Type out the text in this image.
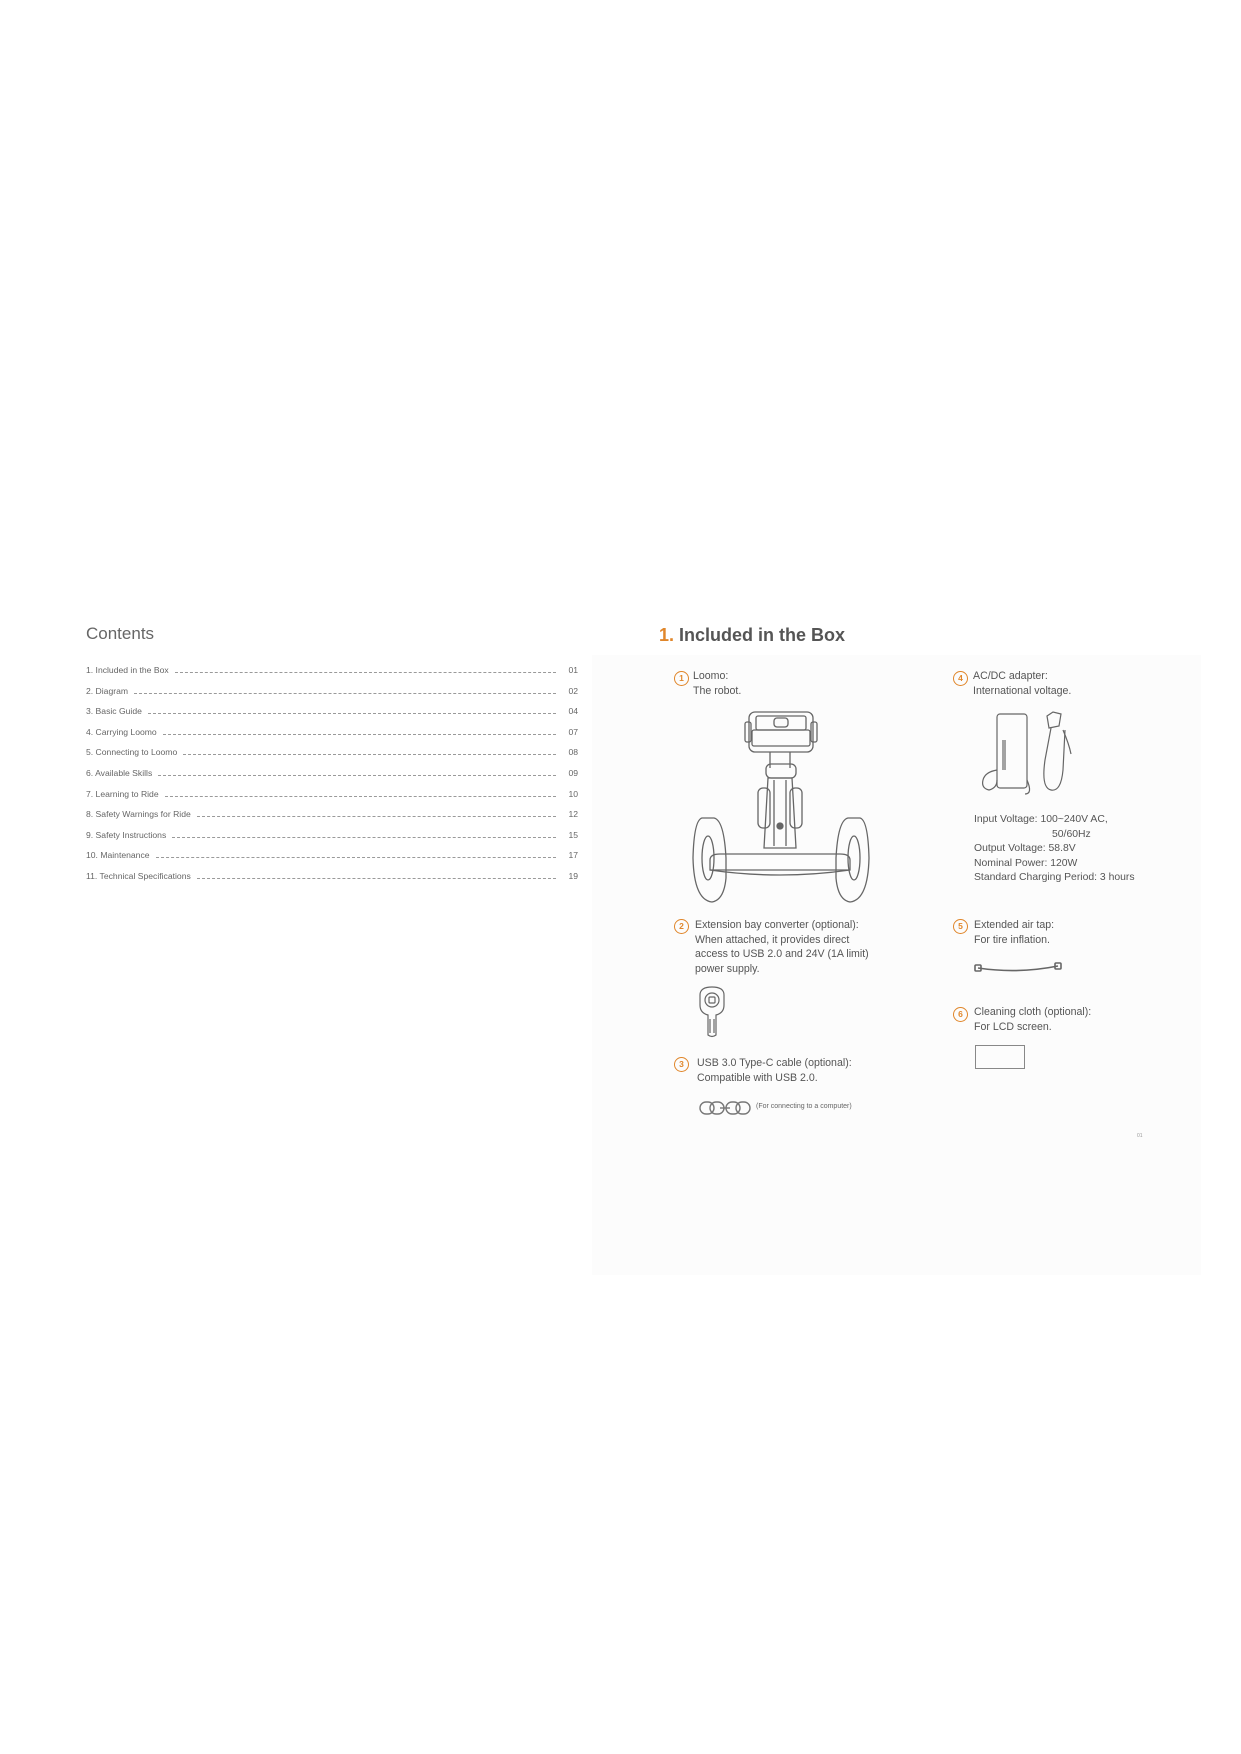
Contents
1. Included in the Box	01
2. Diagram	02
3. Basic Guide	04
4. Carrying Loomo	07
5. Connecting to Loomo	08
6. Available Skills	09
7. Learning to Ride	10
8. Safety Warnings for Ride	12
9. Safety Instructions	15
10. Maintenance	17
11. Technical Specifications	19
1. Included in the Box
1 Loomo:

The robot.

2	Extension bay converter (optional):

When attached, it provides direct

access to USB 2.0 and 24V (1A limit)

power supply.

3	USB 3.0 Type-C cable (optional):

Compatible with USB 2.0.

(For connecting to a computer)
4 AC/DC adapter:

International voltage.

Input Voltage: 100~240V AC,

50/60Hz

Output Voltage: 58.8V

Nominal Power: 120W

Standard Charging Period: 3 hours

5	Extended air tap:

For tire inflation.

6	Cleaning cloth (optional):

For LCD screen.

01
